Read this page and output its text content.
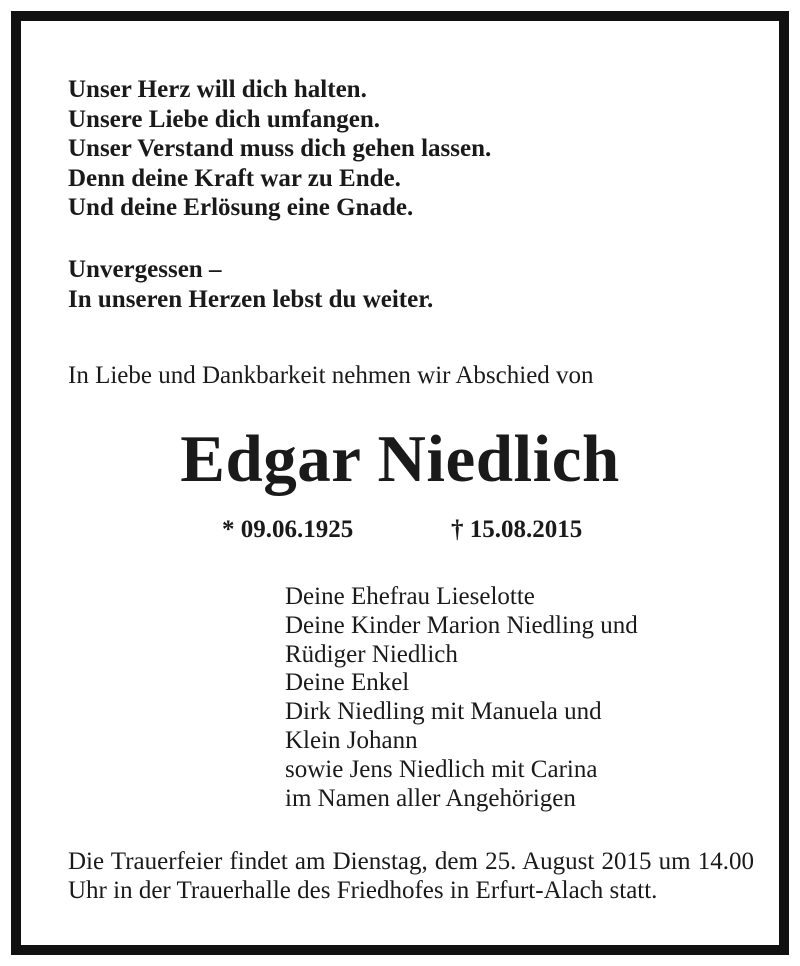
Unser Herz will dich halten.
Unsere Liebe dich umfangen.
Unser Verstand muss dich gehen lassen.
Denn deine Kraft war zu Ende.
Und deine Erlösung eine Gnade.
Unvergessen –
In unseren Herzen lebst du weiter.
In Liebe und Dankbarkeit nehmen wir Abschied von
Edgar Niedlich
* 09.06.1925	† 15.08.2015
Deine Ehefrau Lieselotte
Deine Kinder Marion Niedling und
Rüdiger Niedlich
Deine Enkel
Dirk Niedling mit Manuela und
Klein Johann
sowie Jens Niedlich mit Carina
im Namen aller Angehörigen
Die Trauerfeier findet am Dienstag, dem 25. August 2015 um 14.00 Uhr in der Trauerhalle des Friedhofes in Erfurt-Alach statt.
